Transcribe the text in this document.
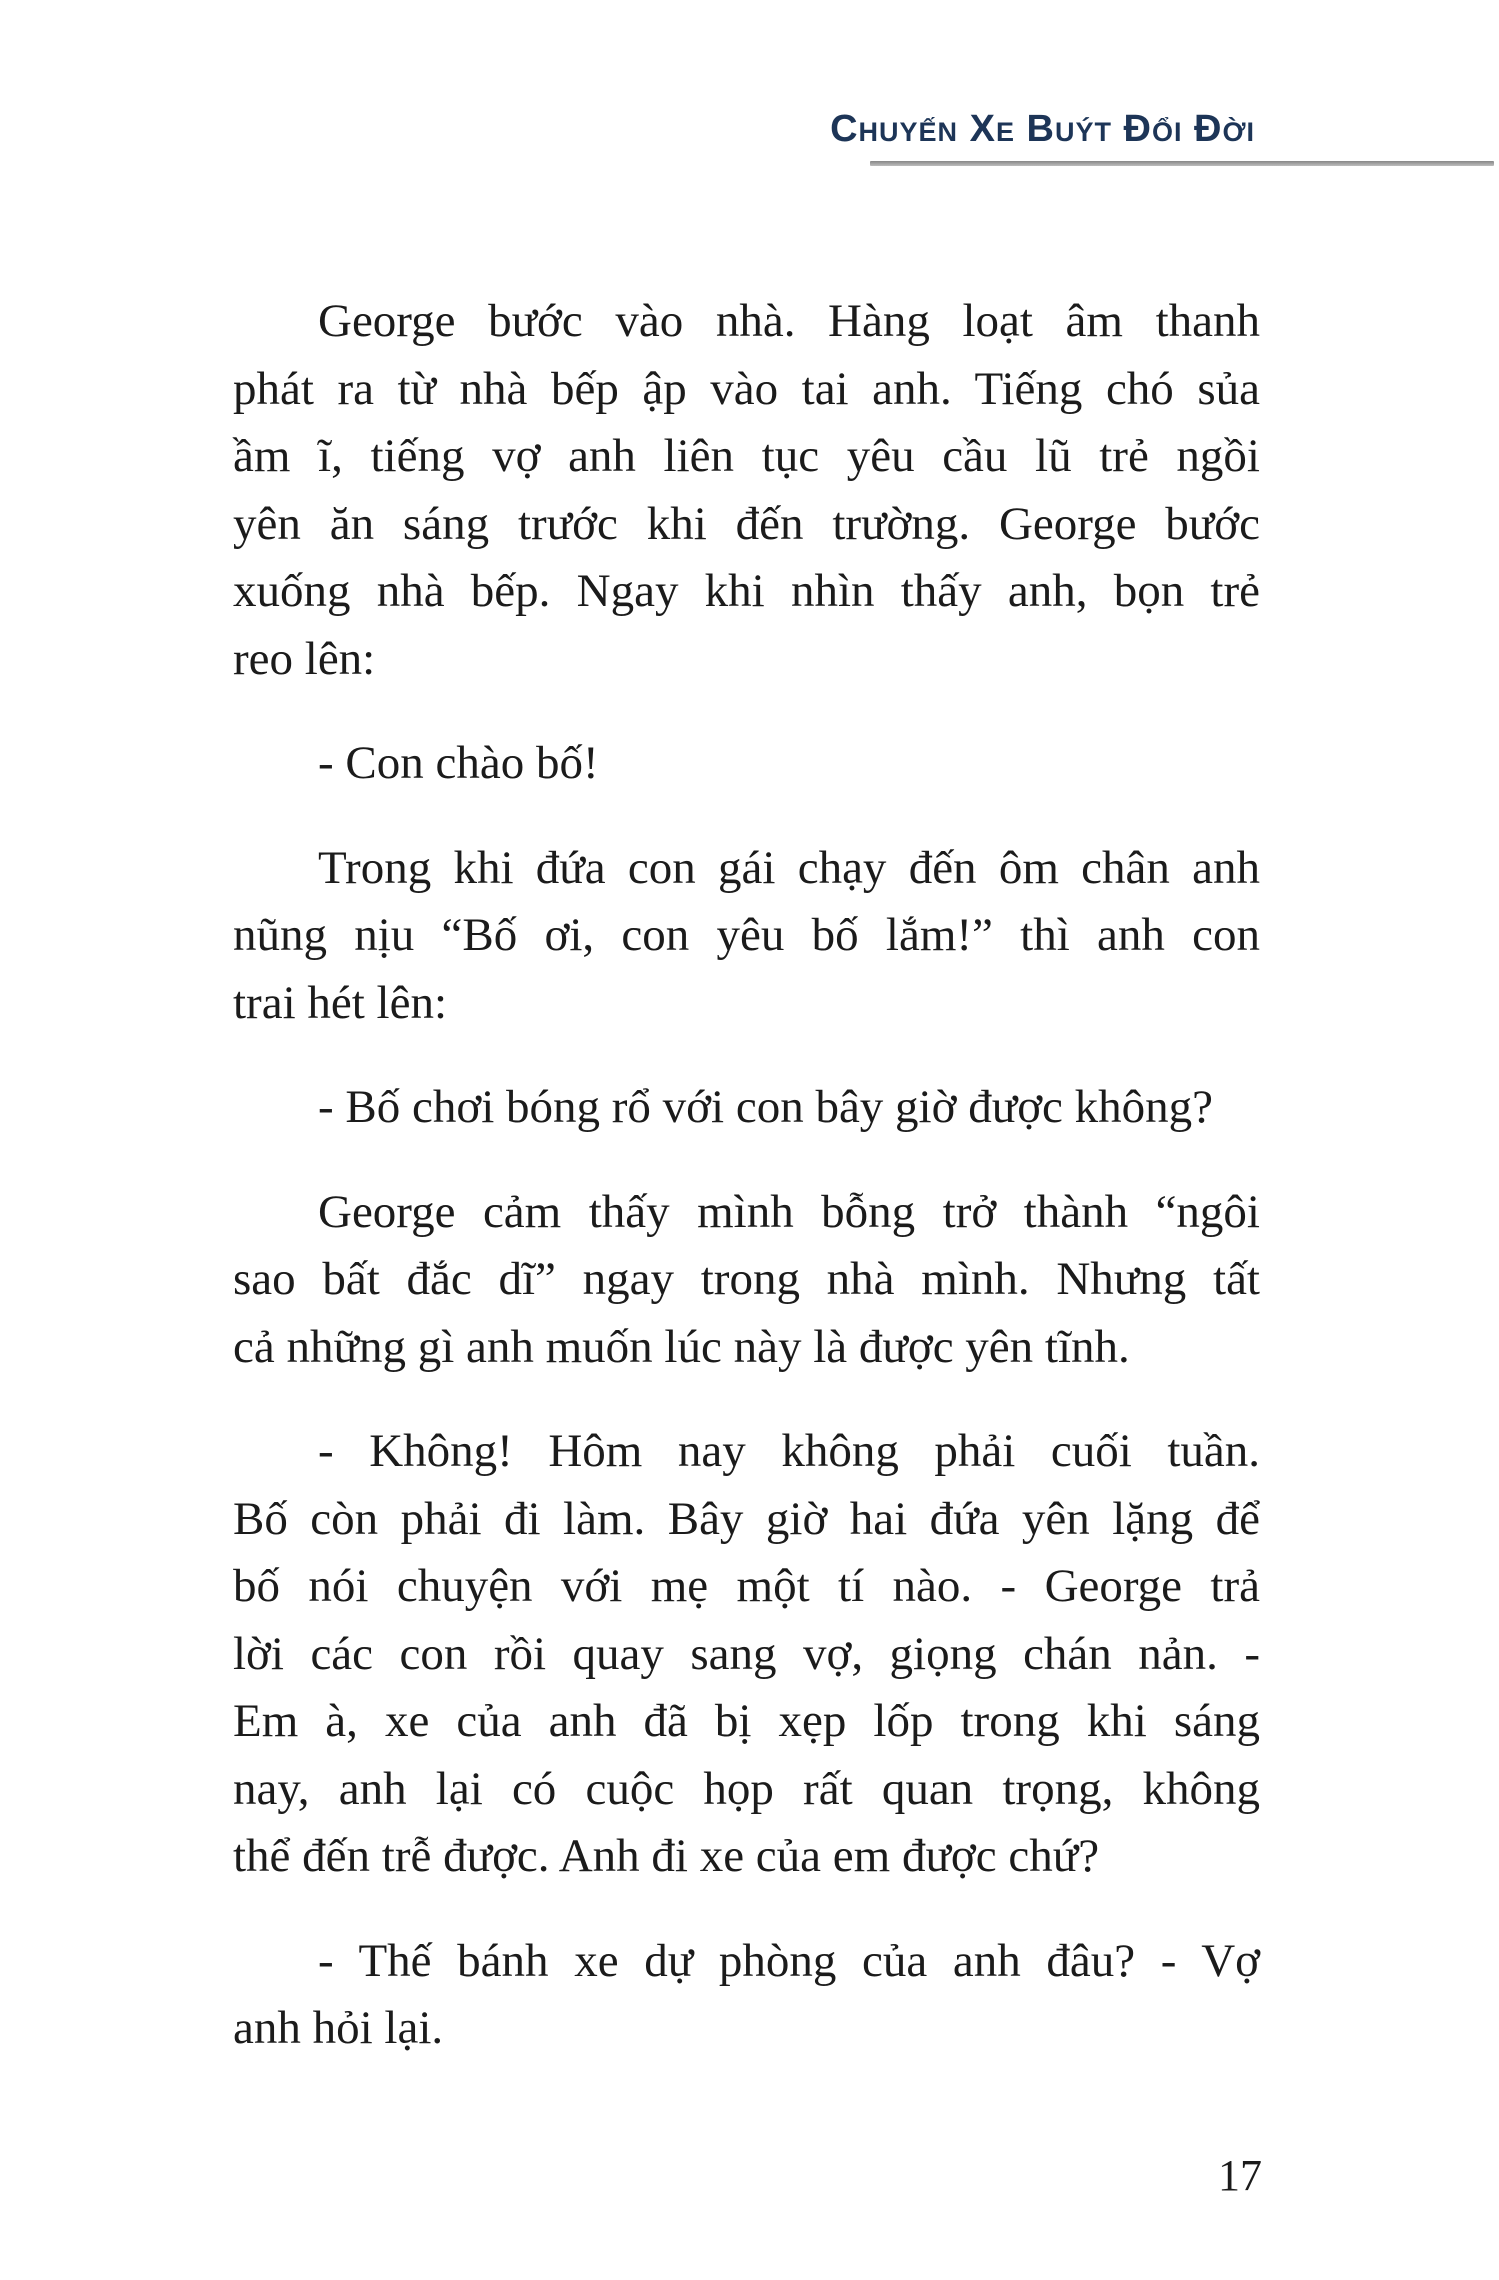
Chuyến Xe Buýt Đổi Đời
George bước vào nhà. Hàng loạt âm thanh
phát ra từ nhà bếp ập vào tai anh. Tiếng chó sủa
ầm ĩ, tiếng vợ anh liên tục yêu cầu lũ trẻ ngồi
yên ăn sáng trước khi đến trường. George bước
xuống nhà bếp. Ngay khi nhìn thấy anh, bọn trẻ
reo lên:
- Con chào bố!
Trong khi đứa con gái chạy đến ôm chân anh
nũng nịu “Bố ơi, con yêu bố lắm!” thì anh con
trai hét lên:
- Bố chơi bóng rổ với con bây giờ được không?
George cảm thấy mình bỗng trở thành “ngôi
sao bất đắc dĩ” ngay trong nhà mình. Nhưng tất
cả những gì anh muốn lúc này là được yên tĩnh.
- Không! Hôm nay không phải cuối tuần.
Bố còn phải đi làm. Bây giờ hai đứa yên lặng để
bố nói chuyện với mẹ một tí nào. - George trả
lời các con rồi quay sang vợ, giọng chán nản. -
Em à, xe của anh đã bị xẹp lốp trong khi sáng
nay, anh lại có cuộc họp rất quan trọng, không
thể đến trễ được. Anh đi xe của em được chứ?
- Thế bánh xe dự phòng của anh đâu? - Vợ
anh hỏi lại.
17
